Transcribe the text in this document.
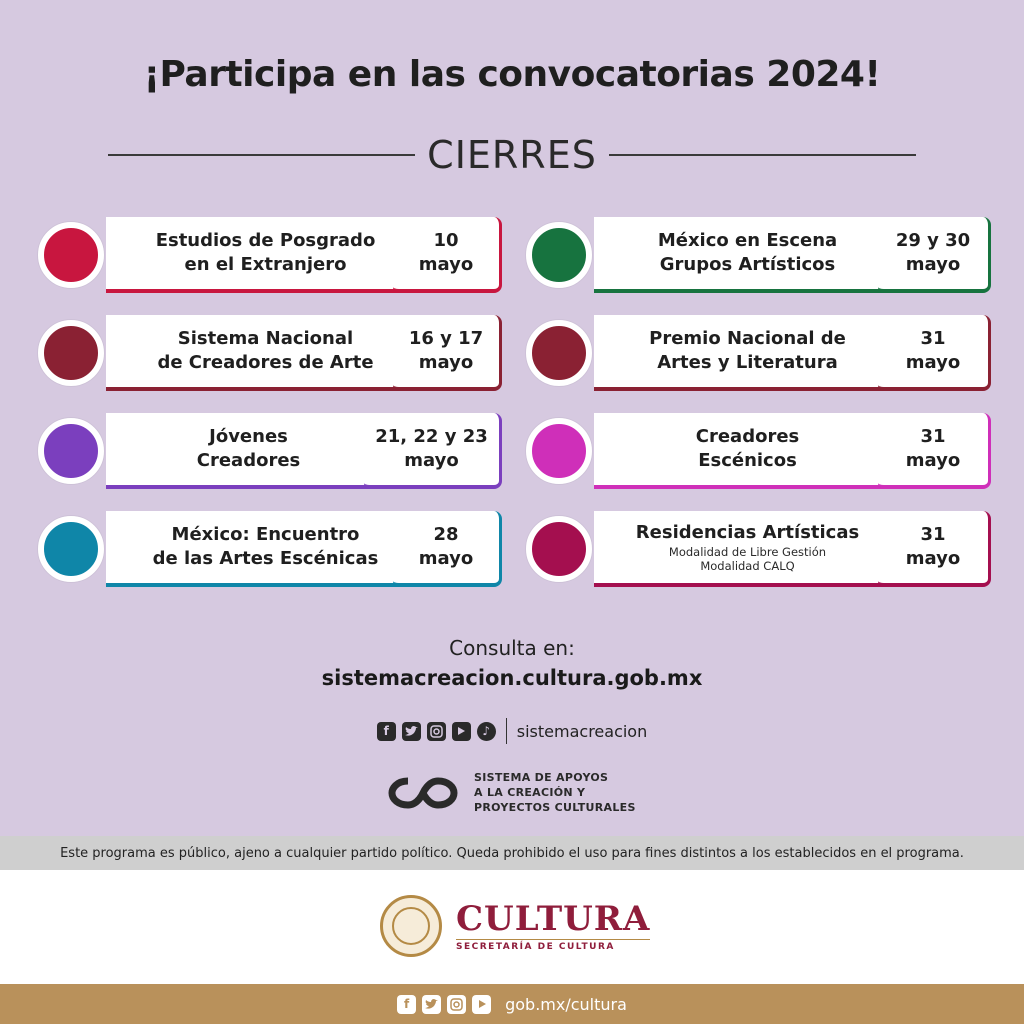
¡Participa en las convocatorias 2024!
CIERRES
Estudios de Posgrado
en el Extranjero
10
mayo
Sistema Nacional
de Creadores de Arte
16 y 17
mayo
Jóvenes
Creadores
21, 22 y 23
mayo
México: Encuentro
de las Artes Escénicas
28
mayo
México en Escena
Grupos Artísticos
29 y 30
mayo
Premio Nacional de
Artes y Literatura
31
mayo
Creadores
Escénicos
31
mayo
Residencias Artísticas
Modalidad de Libre Gestión
Modalidad CALQ
31
mayo
Consulta en:
sistemacreacion.cultura.gob.mx
f	♪	sistemacreacion
SISTEMA DE APOYOS
A LA CREACIÓN Y
PROYECTOS CULTURALES
Este programa es público, ajeno a cualquier partido político. Queda prohibido el uso para fines distintos a los establecidos en el programa.
CULTURA
SECRETARÍA DE CULTURA
f	gob.mx/cultura
